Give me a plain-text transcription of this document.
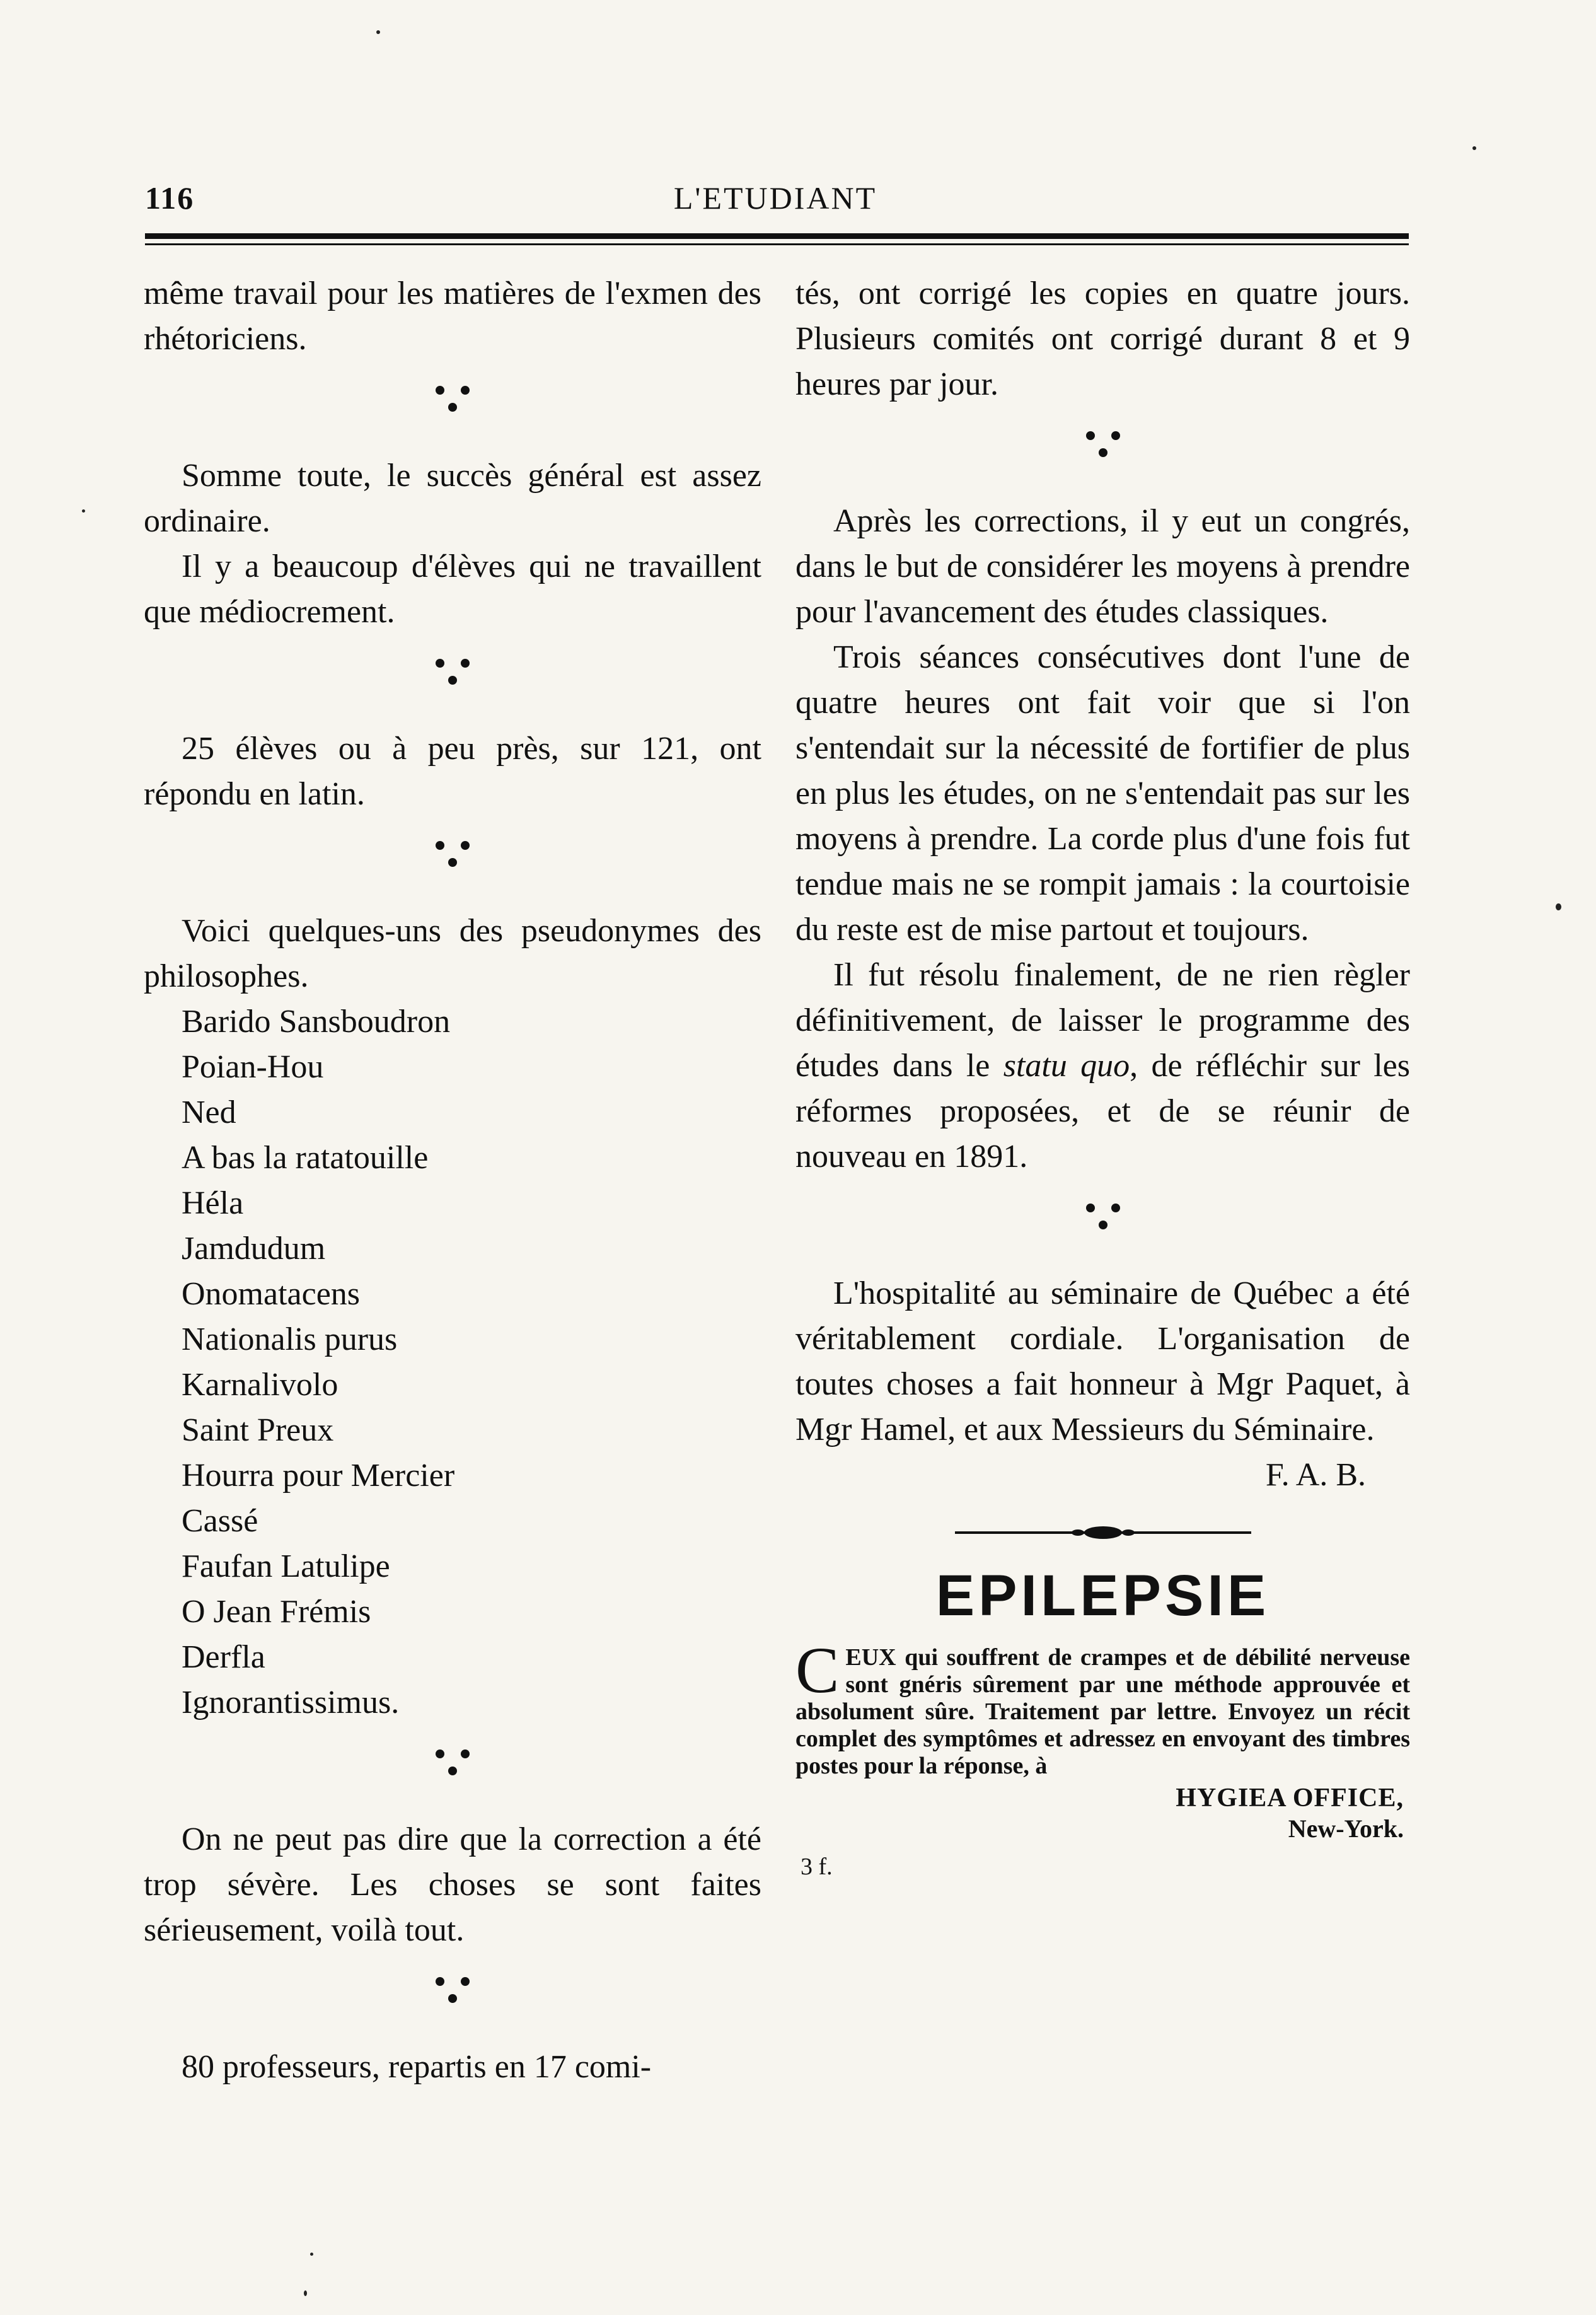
116	L'ETUDIANT

même travail pour les matières de l'exmen des rhétoriciens.

Somme toute, le succès général est assez ordinaire.

Il y a beaucoup d'élèves qui ne travaillent que médiocrement.

25 élèves ou à peu près, sur 121, ont répondu en latin.

Voici quelques-uns des pseudonymes des philosophes.

Barido Sansboudron
Poian-Hou
Ned
A bas la ratatouille
Héla
Jamdudum
Onomatacens
Nationalis purus
Karnalivolo
Saint Preux
Hourra pour Mercier
Cassé
Faufan Latulipe
O Jean Frémis
Derfla
Ignorantissimus.

On ne peut pas dire que la correction a été trop sévère. Les choses se sont faites sérieusement, voilà tout.

80 professeurs, repartis en 17 comi-

tés, ont corrigé les copies en quatre jours. Plusieurs comités ont corrigé durant 8 et 9 heures par jour.

Après les corrections, il y eut un congrés, dans le but de considérer les moyens à prendre pour l'avancement des études classiques.

Trois séances consécutives dont l'une de quatre heures ont fait voir que si l'on s'entendait sur la nécessité de fortifier de plus en plus les études, on ne s'entendait pas sur les moyens à prendre. La corde plus d'une fois fut tendue mais ne se rompit jamais : la courtoisie du reste est de mise partout et toujours.

Il fut résolu finalement, de ne rien règler définitivement, de laisser le programme des études dans le statu quo, de réfléchir sur les réformes proposées, et de se réunir de nouveau en 1891.

L'hospitalité au séminaire de Québec a été véritablement cordiale. L'organisation de toutes choses a fait honneur à Mgr Paquet, à Mgr Hamel, et aux Messieurs du Séminaire.

F. A. B.
EPILEPSIE
CEUX qui souffrent de crampes et de débilité nerveuse sont gnéris sûrement par une méthode approuvée et absolument sûre. Traitement par lettre. Envoyez un récit complet des symptômes et adressez en envoyant des timbres postes pour la réponse, à
HYGIEA OFFICE,
New-York.
3 f.
